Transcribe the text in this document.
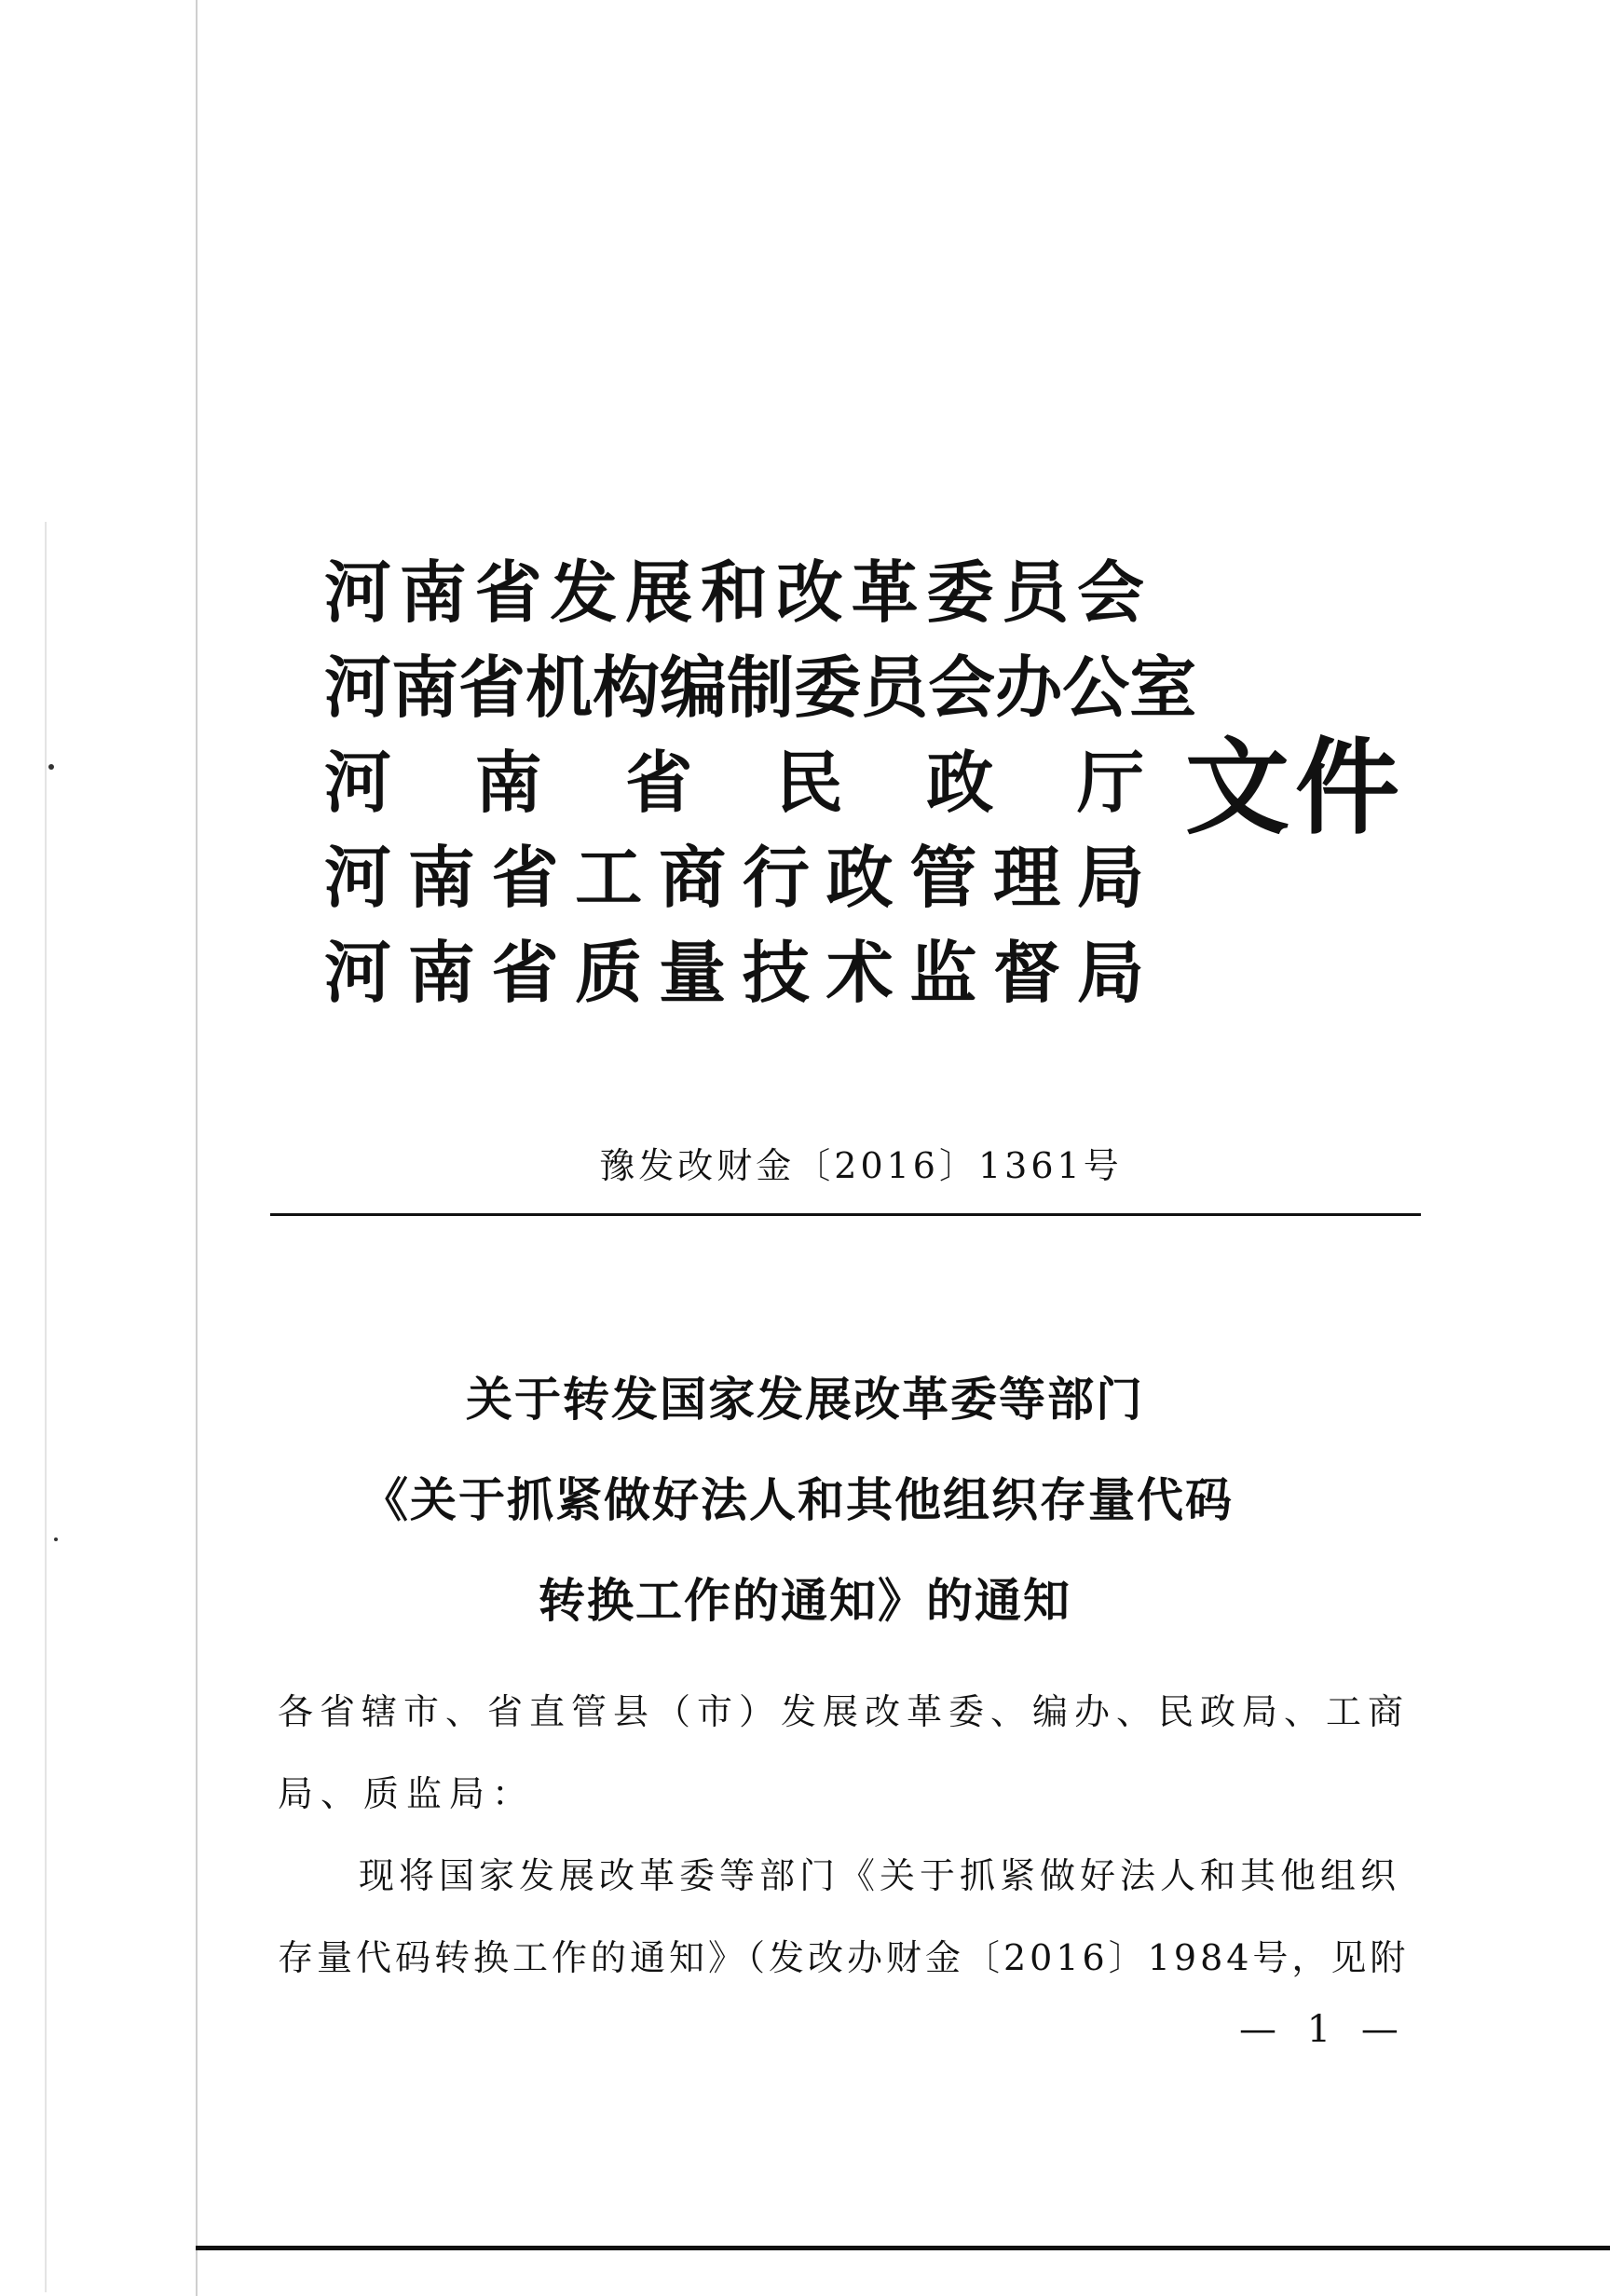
河 南 省 发 展 和 改 革 委 员 会
河 南 省 机 构 编 制 委 员 会 办 公 室
河 南 省 民 政 厅
河 南 省 工 商 行 政 管 理 局
河 南 省 质 量 技 术 监 督 局
文件
豫发改财金〔2016〕1361号
关于转发国家发展改革委等部门
《关于抓紧做好法人和其他组织存量代码
转换工作的通知》的通知
各省辖市、省直管县（市）发展改革委、编办、民政局、工商
局、质监局：
现将国家发展改革委等部门《关于抓紧做好法人和其他组织
存量代码转换工作的通知》（发改办财金〔2016〕1984号，见附
— 1 —
